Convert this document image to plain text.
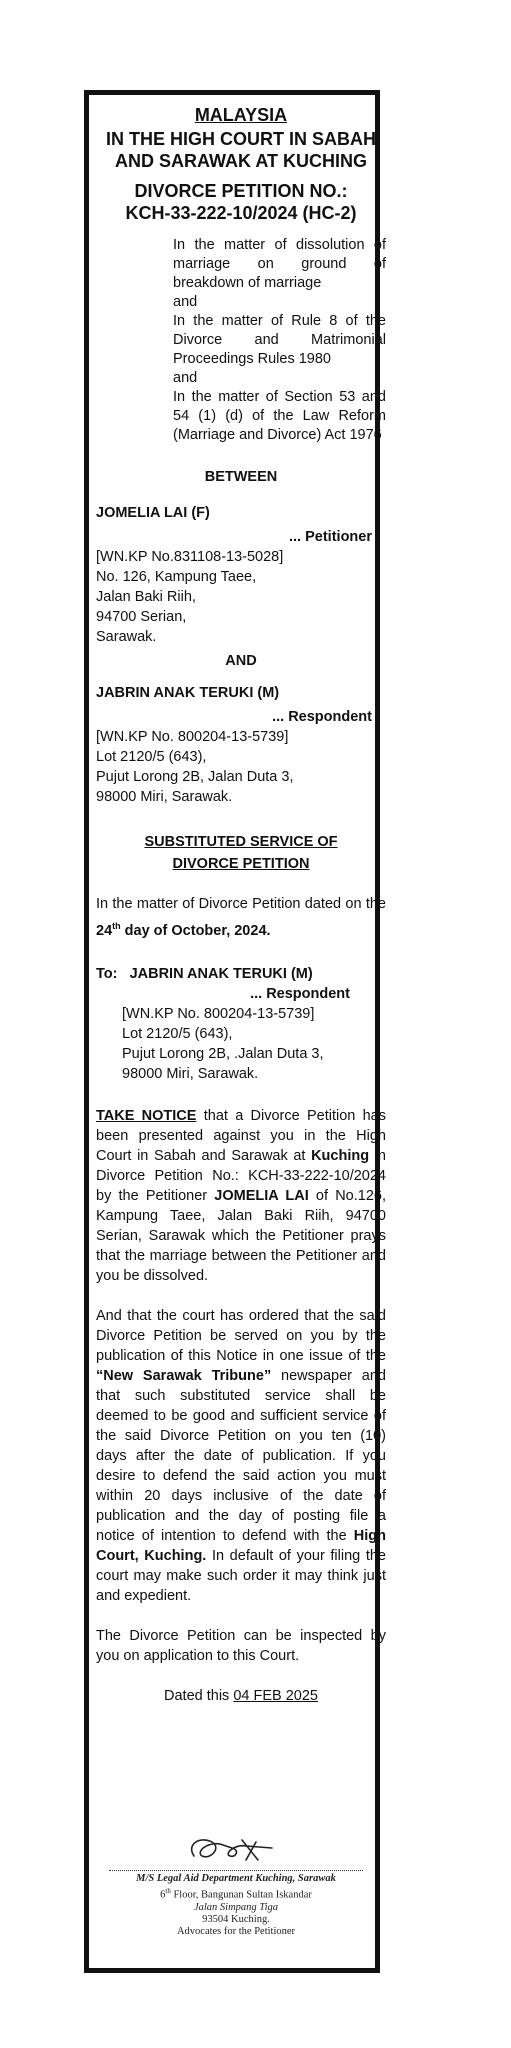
MALAYSIA
IN THE HIGH COURT IN SABAH
AND SARAWAK AT KUCHING
DIVORCE PETITION NO.:
KCH-33-222-10/2024 (HC-2)
In the matter of dissolution of marriage on ground of breakdown of marriage
and
In the matter of Rule 8 of the Divorce and Matrimonial Proceedings Rules 1980
and
In the matter of Section 53 and 54 (1) (d) of the Law Reform (Marriage and Divorce) Act 1976
BETWEEN
JOMELIA LAI (F)
... Petitioner
[WN.KP No.831108-13-5028]
No. 126, Kampung Taee,
Jalan Baki Riih,
94700 Serian,
Sarawak.
AND
JABRIN ANAK TERUKI (M)
... Respondent
[WN.KP No. 800204-13-5739]
Lot 2120/5 (643),
Pujut Lorong 2B, Jalan Duta 3,
98000 Miri, Sarawak.
SUBSTITUTED SERVICE OF
DIVORCE PETITION
In the matter of Divorce Petition dated on the 24th day of October, 2024.
To: JABRIN ANAK TERUKI (M)
... Respondent
[WN.KP No. 800204-13-5739]
Lot 2120/5 (643),
Pujut Lorong 2B, .Jalan Duta 3,
98000 Miri, Sarawak.
TAKE NOTICE that a Divorce Petition has been presented against you in the High Court in Sabah and Sarawak at Kuching in Divorce Petition No.: KCH-33-222-10/2024 by the Petitioner JOMELIA LAI of No.126, Kampung Taee, Jalan Baki Riih, 94700 Serian, Sarawak which the Petitioner prays that the marriage between the Petitioner and you be dissolved.
And that the court has ordered that the said Divorce Petition be served on you by the publication of this Notice in one issue of the “New Sarawak Tribune” newspaper and that such substituted service shall be deemed to be good and sufficient service of the said Divorce Petition on you ten (10) days after the date of publication. If you desire to defend the said action you must within 20 days inclusive of the date of publication and the day of posting file a notice of intention to defend with the High Court, Kuching. In default of your filing the court may make such order it may think just and expedient.
The Divorce Petition can be inspected by you on application to this Court.
Dated this 04 FEB 2025
M/S Legal Aid Department Kuching, Sarawak
6th Floor, Bangunan Sultan Iskandar
Jalan Simpang Tiga
93504 Kuching.
Advocates for the Petitioner
